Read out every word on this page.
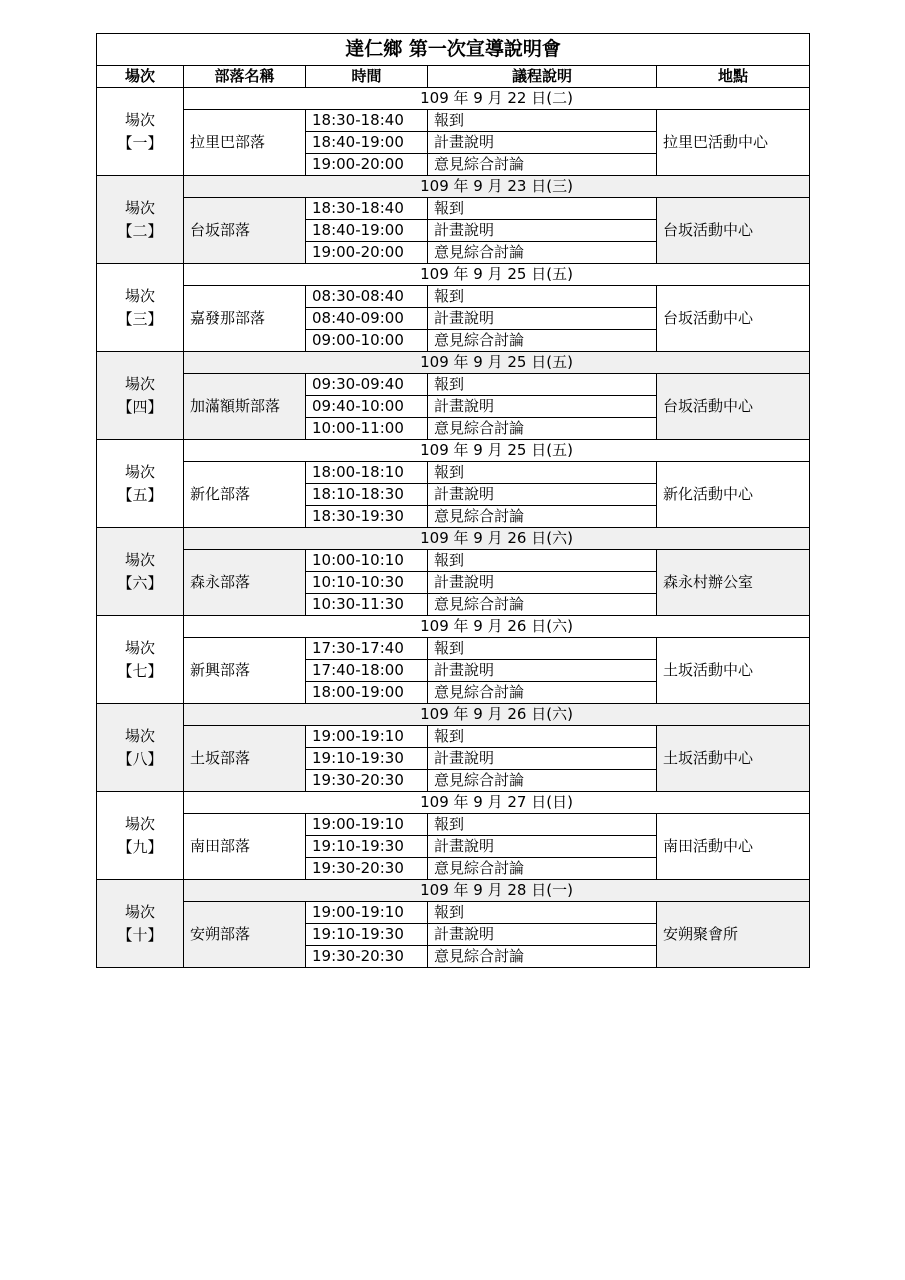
達仁鄉 第一次宣導說明會				
場次	部落名稱	時間	議程說明	地點

場次
【一】	109 年 9 月 22 日(二)			
	拉里巴部落	18:30-18:40	報到	拉里巴活動中心
		18:40-19:00	計畫說明	
		19:00-20:00	意見綜合討論	

場次
【二】	109 年 9 月 23 日(三)			
	台坂部落	18:30-18:40	報到	台坂活動中心
		18:40-19:00	計畫說明	
		19:00-20:00	意見綜合討論	

場次
【三】	109 年 9 月 25 日(五)			
	嘉發那部落	08:30-08:40	報到	台坂活動中心
		08:40-09:00	計畫說明	
		09:00-10:00	意見綜合討論	

場次
【四】	109 年 9 月 25 日(五)			
	加滿額斯部落	09:30-09:40	報到	台坂活動中心
		09:40-10:00	計畫說明	
		10:00-11:00	意見綜合討論	

場次
【五】	109 年 9 月 25 日(五)			
	新化部落	18:00-18:10	報到	新化活動中心
		18:10-18:30	計畫說明	
		18:30-19:30	意見綜合討論	

場次
【六】	109 年 9 月 26 日(六)			
	森永部落	10:00-10:10	報到	森永村辦公室
		10:10-10:30	計畫說明	
		10:30-11:30	意見綜合討論	

場次
【七】	109 年 9 月 26 日(六)			
	新興部落	17:30-17:40	報到	土坂活動中心
		17:40-18:00	計畫說明	
		18:00-19:00	意見綜合討論	

場次
【八】	109 年 9 月 26 日(六)			
	土坂部落	19:00-19:10	報到	土坂活動中心
		19:10-19:30	計畫說明	
		19:30-20:30	意見綜合討論	

場次
【九】	109 年 9 月 27 日(日)			
	南田部落	19:00-19:10	報到	南田活動中心
		19:10-19:30	計畫說明	
		19:30-20:30	意見綜合討論	

場次
【十】	109 年 9 月 28 日(一)			
	安朔部落	19:00-19:10	報到	安朔聚會所
		19:10-19:30	計畫說明	
		19:30-20:30	意見綜合討論	
